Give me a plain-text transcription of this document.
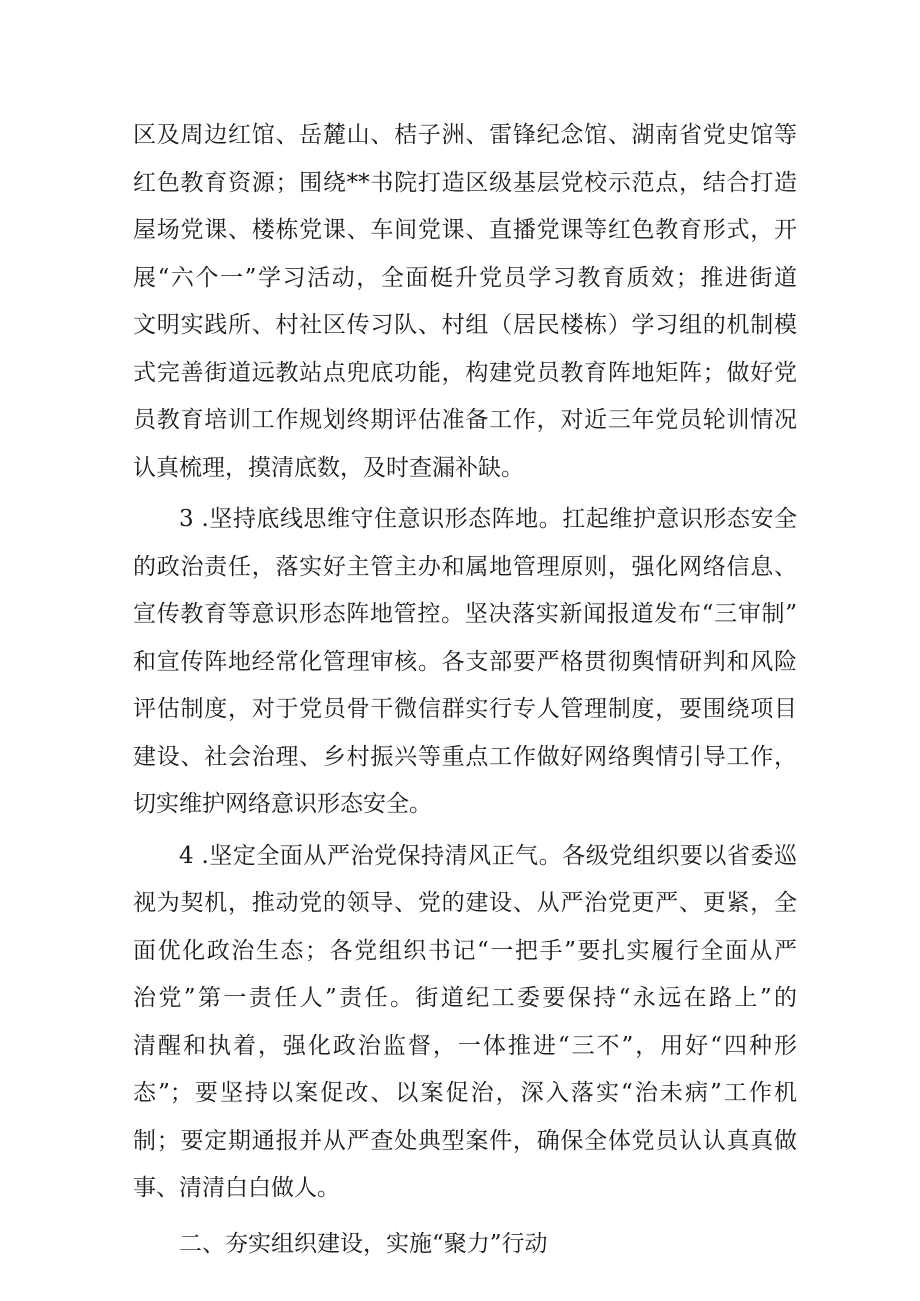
区及周边红馆、岳麓山、桔子洲、雷锋纪念馆、湖南省党史馆等
红色教育资源；围绕**书院打造区级基层党校示范点，结合打造
屋场党课、楼栋党课、车间党课、直播党课等红色教育形式，开
展“六个一”学习活动，全面梃升党员学习教育质效；推进街道
文明实践所、村社区传习队、村组（居民楼栋）学习组的机制模
式完善街道远教站点兜底功能，构建党员教育阵地矩阵；做好党
员教育培训工作规划终期评估准备工作，对近三年党员轮训情况
认真梳理，摸清底数，及时查漏补缺。
3 .坚持底线思维守住意识形态阵地。扛起维护意识形态安全
的政治责任，落实好主管主办和属地管理原则，强化网络信息、
宣传教育等意识形态阵地管控。坚决落实新闻报道发布“三审制”
和宣传阵地经常化管理审核。各支部要严格贯彻舆情研判和风险
评估制度，对于党员骨干微信群实行专人管理制度，要围绕项目
建设、社会治理、乡村振兴等重点工作做好网络舆情引导工作，
切实维护网络意识形态安全。
4 .坚定全面从严治党保持清风正气。各级党组织要以省委巡
视为契机，推动党的领导、党的建设、从严治党更严、更紧，全
面优化政治生态；各党组织书记“一把手”要扎实履行全面从严
治党”第一责任人”责任。街道纪工委要保持“永远在路上”的
清醒和执着，强化政治监督，一体推进“三不”，用好“四种形
态”；要坚持以案促改、以案促治，深入落实“治未病”工作机
制；要定期通报并从严查处典型案件，确保全体党员认认真真做
事、清清白白做人。
二、夯实组织建设，实施“聚力”行动
